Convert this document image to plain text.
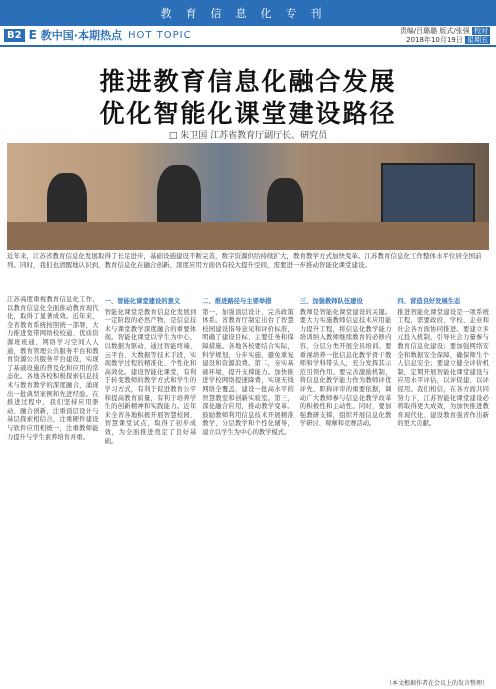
教育信息化专刊
B2 E 教中国·本期热点 HOT TOPIC	责编/吕璐璐 版式/张强 校对
2018年10月19日 星期五
推进教育信息化融合发展
优化智能化课堂建设路径
□ 朱卫国 江苏省教育厅副厅长、研究员
近年来，江苏省教育信息化发展取得了长足进步，基础设施建设不断完善，数字资源供给持续扩大，教育教学方式加快变革。江苏教育信息化工作整体水平位居全国前列。同时，我们也清醒地认识到，教育信息化在融合创新、深度应用方面仍有较大提升空间，需要进一步推动智能化课堂建设。
江苏高度重视教育信息化工作，以教育信息化全面推动教育现代化，取得了显著成效。近年来，全省教育系统按照统一部署，大力推进宽带网络校校通、优质资源班班通、网络学习空间人人通，教育管理公共服务平台和教育资源公共服务平台建设，实现了基础设施的普及化和应用的常态化。各地各校积极探索信息技术与教育教学的深度融合，涌现出一批典型案例和先进经验。在推进过程中，我们坚持应用驱动、融合创新，注重顶层设计与基层探索相结合，注重硬件建设与软件应用相统一，注重教师能力提升与学生素养培育并重。
一、智能化课堂建设的意义
智能化课堂是教育信息化发展到一定阶段的必然产物，是信息技术与课堂教学深度融合的重要体现。智能化课堂以学生为中心，以数据为驱动，通过智能终端、云平台、大数据等技术手段，实现教学过程的精准化、个性化和高效化。建设智能化课堂，有利于转变教师的教学方式和学生的学习方式，有利于促进教育公平和提高教育质量，有利于培养学生的创新精神和实践能力。近年来全省各地积极开展智慧校园、智慧课堂试点，取得了初步成效，为全面推进奠定了良好基础。
二、推进路径与主要举措
第一，加强顶层设计，完善政策体系。省教育厅制定出台了智慧校园建设指导意见和评价标准，明确了建设目标、主要任务和保障措施。各地各校要结合实际，科学规划，分步实施，避免重复建设和资源浪费。第二，夯实基础环境，提升支撑能力。加快推进学校网络提速降费，实现无线网络全覆盖，建设一批高水平的智慧教室和创新实验室。第三，深化融合应用，推动教学变革。鼓励教师利用信息技术开展精准教学、分层教学和个性化辅导，建立以学生为中心的教学模式。
三、加强教师队伍建设
教师是智能化课堂建设的关键。要大力实施教师信息技术应用能力提升工程，将信息化教学能力培训纳入教师继续教育的必修内容，分层分类开展全员培训。要重视培养一批信息化教学骨干教师和学科带头人，充分发挥其示范引领作用。要完善激励机制，将信息化教学能力作为教师评优评先、职称评审的重要依据，调动广大教师参与信息化教学改革的积极性和主动性。同时，要加强教研支撑，组织开展信息化教学研讨、观摩和竞赛活动。
四、营造良好发展生态
推进智能化课堂建设是一项系统工程，需要政府、学校、企业和社会各方面协同推进。要建立多元投入机制，引导社会力量参与教育信息化建设；要加强网络安全和数据安全保障，确保师生个人信息安全；要建立健全评价机制，定期开展智能化课堂建设与应用水平评估，以评促建、以评促用。我们相信，在各方面共同努力下，江苏智能化课堂建设必将取得更大成效，为加快推进教育现代化、建设教育强省作出新的更大贡献。
（本文根据作者在会议上的发言整理）
